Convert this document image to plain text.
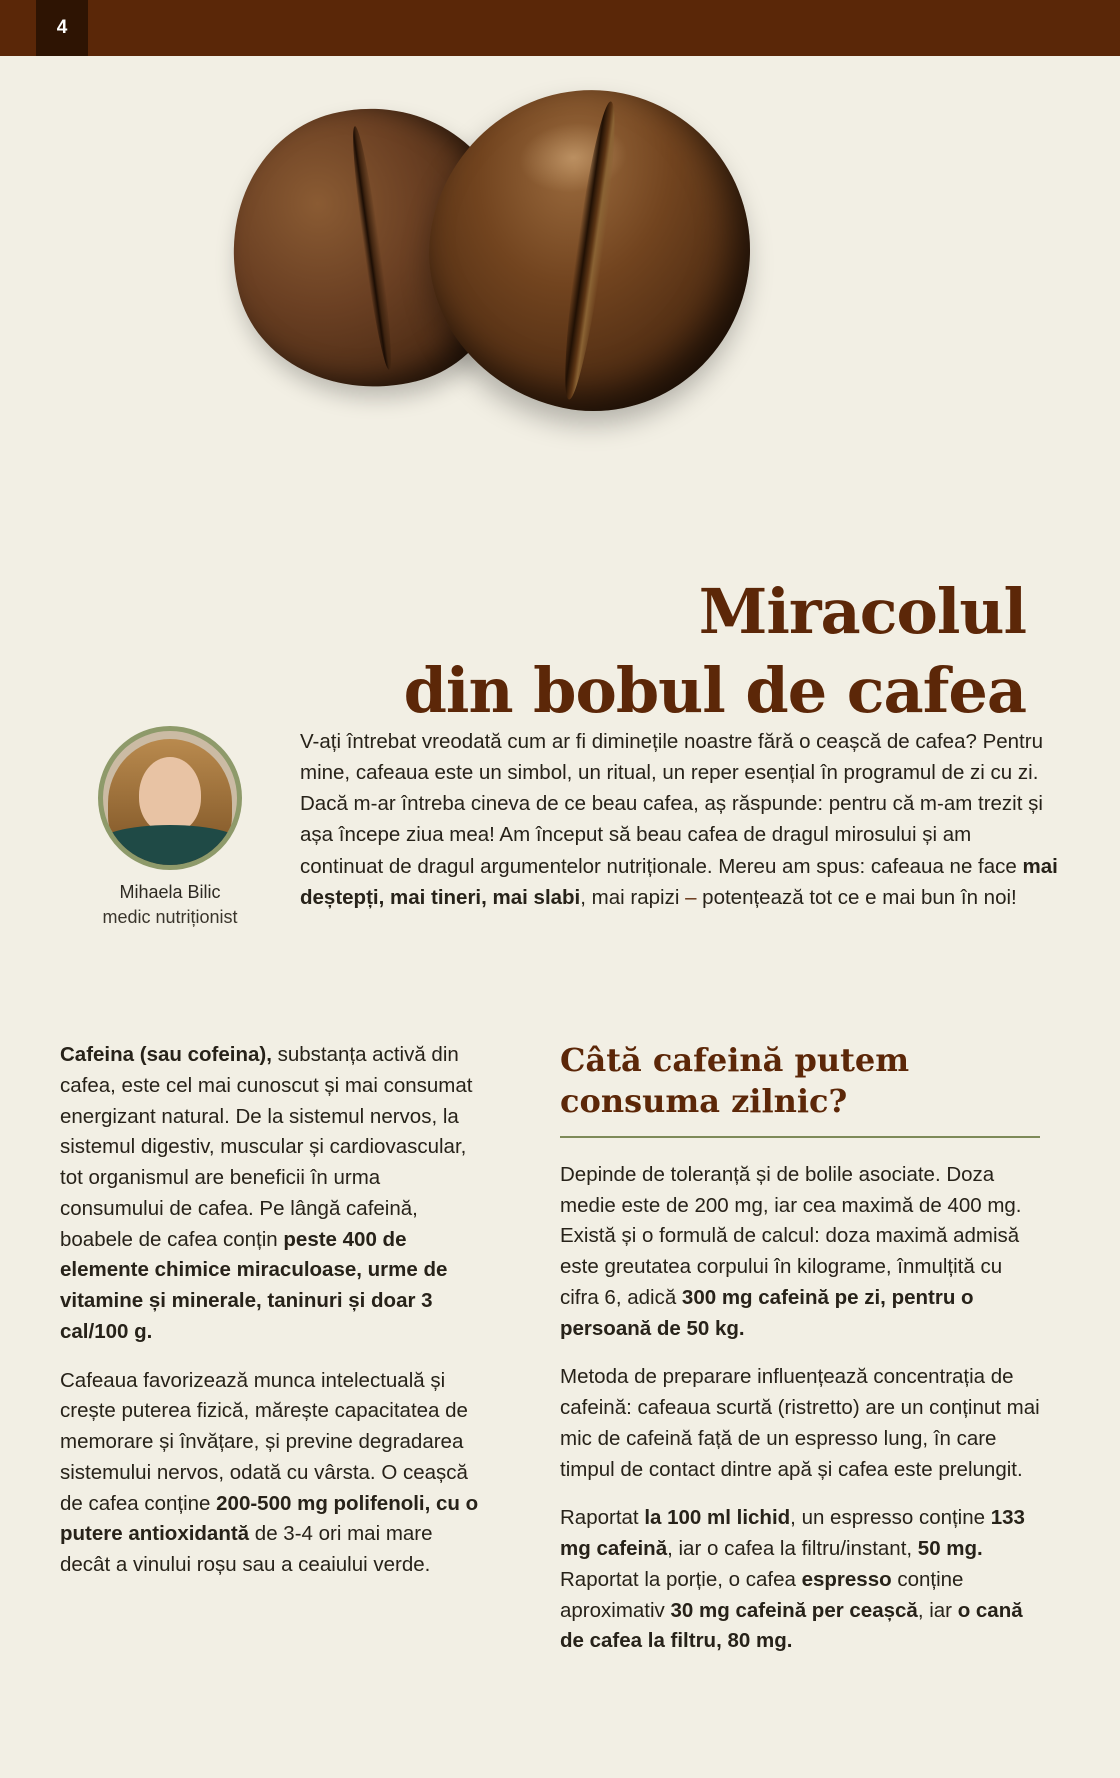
4
Miracolul
din bobul de cafea
Mihaela Bilic
medic nutriționist
V-ați întrebat vreodată cum ar fi diminețile noastre fără o ceașcă de cafea? Pentru mine, cafeaua este un simbol, un ritual, un reper esențial în programul de zi cu zi. Dacă m-ar întreba cineva de ce beau cafea, aș răspunde: pentru că m-am trezit și așa începe ziua mea! Am început să beau cafea de dragul mirosului și am continuat de dragul argumentelor nutriționale. Mereu am spus: cafeaua ne face mai deștepți, mai tineri, mai slabi, mai rapizi – potențează tot ce e mai bun în noi!

Cafeina (sau cofeina), substanța activă din cafea, este cel mai cunoscut și mai consumat energizant natural. De la sistemul nervos, la sistemul digestiv, muscular și cardiovascular, tot organismul are beneficii în urma consumului de cafea. Pe lângă cafeină, boabele de cafea conțin peste 400 de elemente chimice miraculoase, urme de vitamine și minerale, taninuri și doar 3 cal/100 g.

Cafeaua favorizează munca intelectuală și crește puterea fizică, mărește capacitatea de memorare și învățare, și previne degradarea sistemului nervos, odată cu vârsta. O ceașcă de cafea conține 200-500 mg polifenoli, cu o putere antioxidantă de 3-4 ori mai mare decât a vinului roșu sau a ceaiului verde.

Câtă cafeină putem
consuma zilnic?

Depinde de toleranță și de bolile asociate. Doza medie este de 200 mg, iar cea maximă de 400 mg. Există și o formulă de calcul: doza maximă admisă este greutatea corpului în kilograme, înmulțită cu cifra 6, adică 300 mg cafeină pe zi, pentru o persoană de 50 kg.

Metoda de preparare influențează concentrația de cafeină: cafeaua scurtă (ristretto) are un conținut mai mic de cafeină față de un espresso lung, în care timpul de contact dintre apă și cafea este prelungit.

Raportat la 100 ml lichid, un espresso conține 133 mg cafeină, iar o cafea la filtru/instant, 50 mg. Raportat la porție, o cafea espresso conține aproximativ 30 mg cafeină per ceașcă, iar o cană de cafea la filtru, 80 mg.
